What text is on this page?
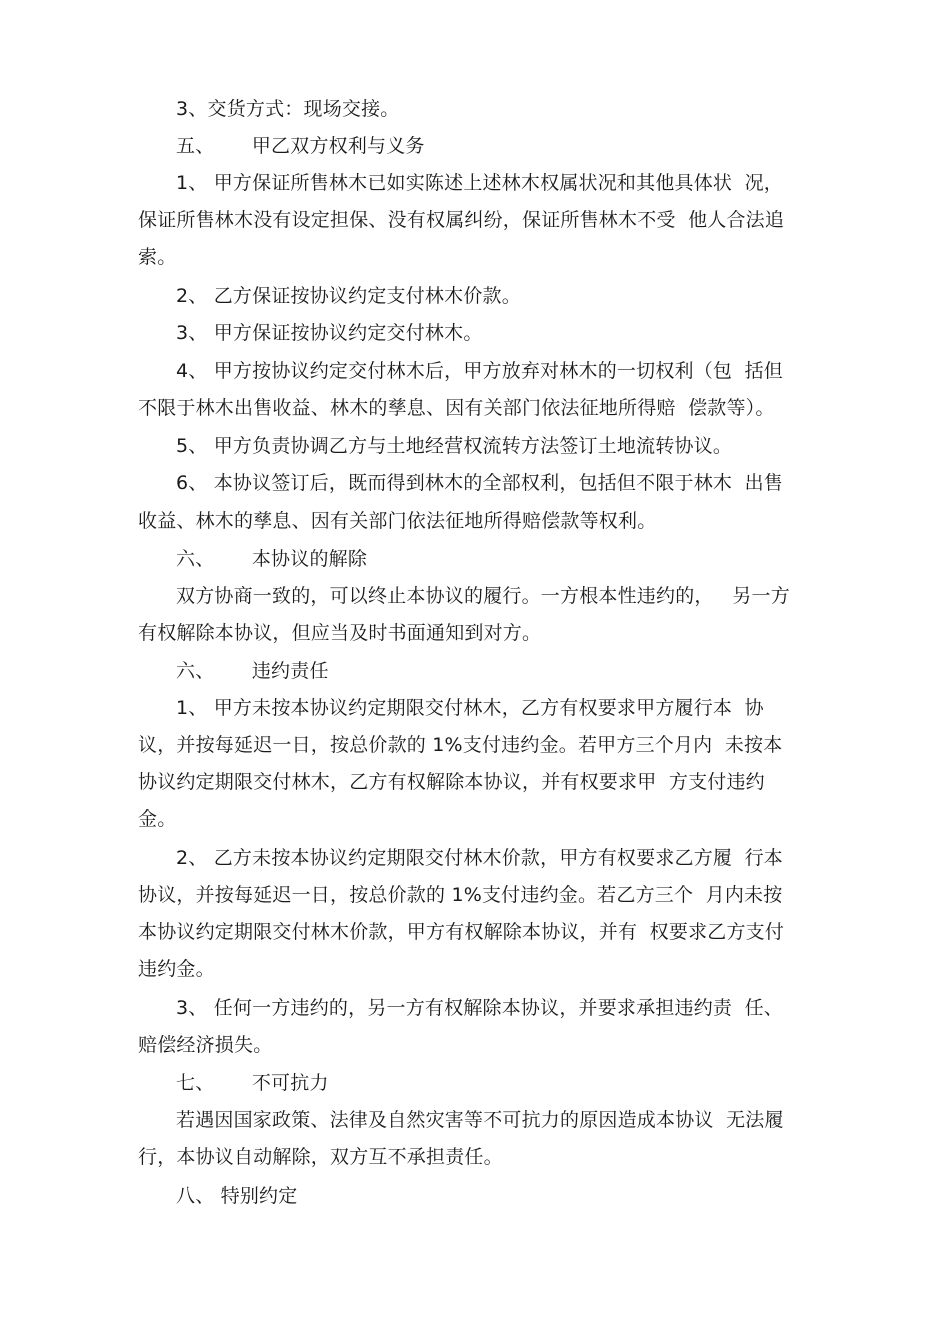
3、交货方式：现场交接。
五、      甲乙双方权利与义务
1、 甲方保证所售林木已如实陈述上述林木权属状况和其他具体状  况，
保证所售林木没有设定担保、没有权属纠纷，保证所售林木不受  他人合法追
索。
2、 乙方保证按协议约定支付林木价款。
3、 甲方保证按协议约定交付林木。
4、 甲方按协议约定交付林木后，甲方放弃对林木的一切权利（包  括但
不限于林木出售收益、林木的孳息、因有关部门依法征地所得赔  偿款等）。
5、 甲方负责协调乙方与土地经营权流转方法签订土地流转协议。
6、 本协议签订后，既而得到林木的全部权利，包括但不限于林木  出售
收益、林木的孳息、因有关部门依法征地所得赔偿款等权利。
六、      本协议的解除
双方协商一致的，可以终止本协议的履行。一方根本性违约的，   另一方
有权解除本协议，但应当及时书面通知到对方。
六、      违约责任
1、 甲方未按本协议约定期限交付林木，乙方有权要求甲方履行本  协
议，并按每延迟一日，按总价款的 1%支付违约金。若甲方三个月内  未按本
协议约定期限交付林木，乙方有权解除本协议，并有权要求甲  方支付违约
金。
2、 乙方未按本协议约定期限交付林木价款，甲方有权要求乙方履  行本
协议，并按每延迟一日，按总价款的 1%支付违约金。若乙方三个  月内未按
本协议约定期限交付林木价款，甲方有权解除本协议，并有  权要求乙方支付
违约金。
3、 任何一方违约的，另一方有权解除本协议，并要求承担违约责  任、
赔偿经济损失。
七、      不可抗力
若遇因国家政策、法律及自然灾害等不可抗力的原因造成本协议  无法履
行，本协议自动解除，双方互不承担责任。
八、 特别约定
